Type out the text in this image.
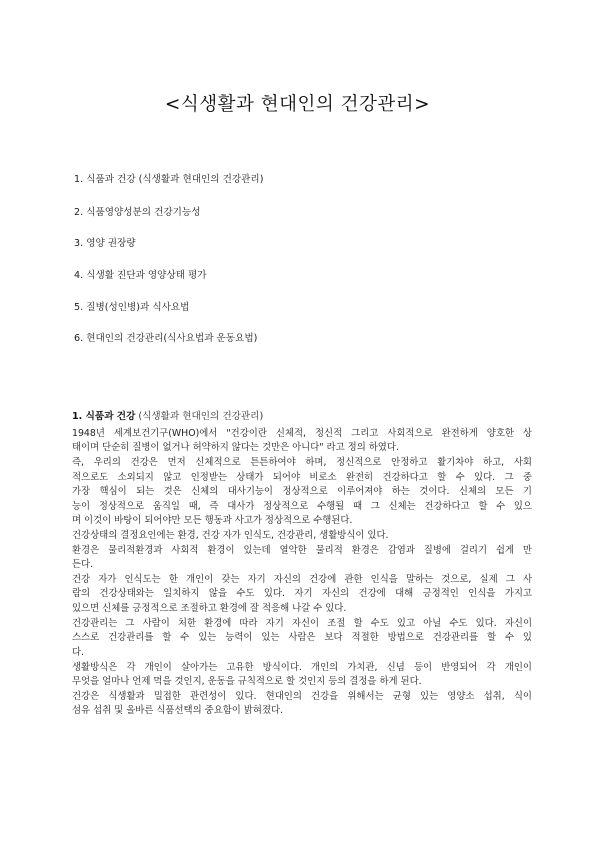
<식생활과 현대인의 건강관리>
1. 식품과 건강 (식생활과 현대인의 건강관리)
2. 식품영양성분의 건강기능성
3. 영양 권장량
4. 식생활 진단과 영양상태 평가
5. 질병(성인병)과 식사요법
6. 현대인의 건강관리(식사요법과 운동요법)
1. 식품과 건강 (식생활과 현대인의 건강관리)
1948년 세계보건기구(WHO)에서 "건강이란 신체적, 정신적 그리고 사회적으로 완전하게 양호한 상
태이며 단순히 질병이 없거나 허약하지 않다는 것만은 아니다" 라고 정의 하였다.
즉, 우리의 건강은 먼저 신체적으로 튼튼하여야 하며, 정신적으로 안정하고 활기차야 하고, 사회
적으로도 소외되지 않고 인정받는 상태가 되어야 비로소 완전히 건강하다고 할 수 있다. 그 중
가장 핵심이 되는 것은 신체의 대사기능이 정상적으로 이루어져야 하는 것이다. 신체의 모든 기
능이 정상적으로 움직일 때, 즉 대사가 정상적으로 수행될 때 그 신체는 건강하다고 할 수 있으
며 이것이 바탕이 되어야만 모든 행동과 사고가 정상적으로 수행된다.
건강상태의 결정요인에는 환경, 건강 자가 인식도, 건강관리, 생활방식이 있다.
환경은 물리적환경과 사회적 환경이 있는데 열악한 물리적 환경은 감염과 질병에 걸리기 쉽게 만
든다.
건강 자가 인식도는 한 개인이 갖는 자기 자신의 건강에 관한 인식을 말하는 것으로, 실제 그 사
람의 건강상태와는 일치하지 않을 수도 있다. 자기 자신의 건강에 대해 긍정적인 인식을 가지고
있으면 신체를 긍정적으로 조절하고 환경에 잘 적응해 나갈 수 있다.
건강관리는 그 사람이 처한 환경에 따라 자기 자신이 조절 할 수도 있고 아닐 수도 있다. 자신이
스스로 건강관리를 할 수 있는 능력이 있는 사람은 보다 적절한 방법으로 건강관리를 할 수 있
다.
생활방식은 각 개인이 살아가는 고유한 방식이다. 개인의 가치관, 신념 등이 반영되어 각 개인이
무엇을 얼마나 언제 먹을 것인지, 운동을 규칙적으로 할 것인지 등의 결정을 하게 된다.
건강은 식생활과 밀접한 관련성이 있다. 현대인의 건강을 위해서는 균형 있는 영양소 섭취, 식이
섬유 섭취 및 올바른 식품선택의 중요함이 밝혀졌다.
